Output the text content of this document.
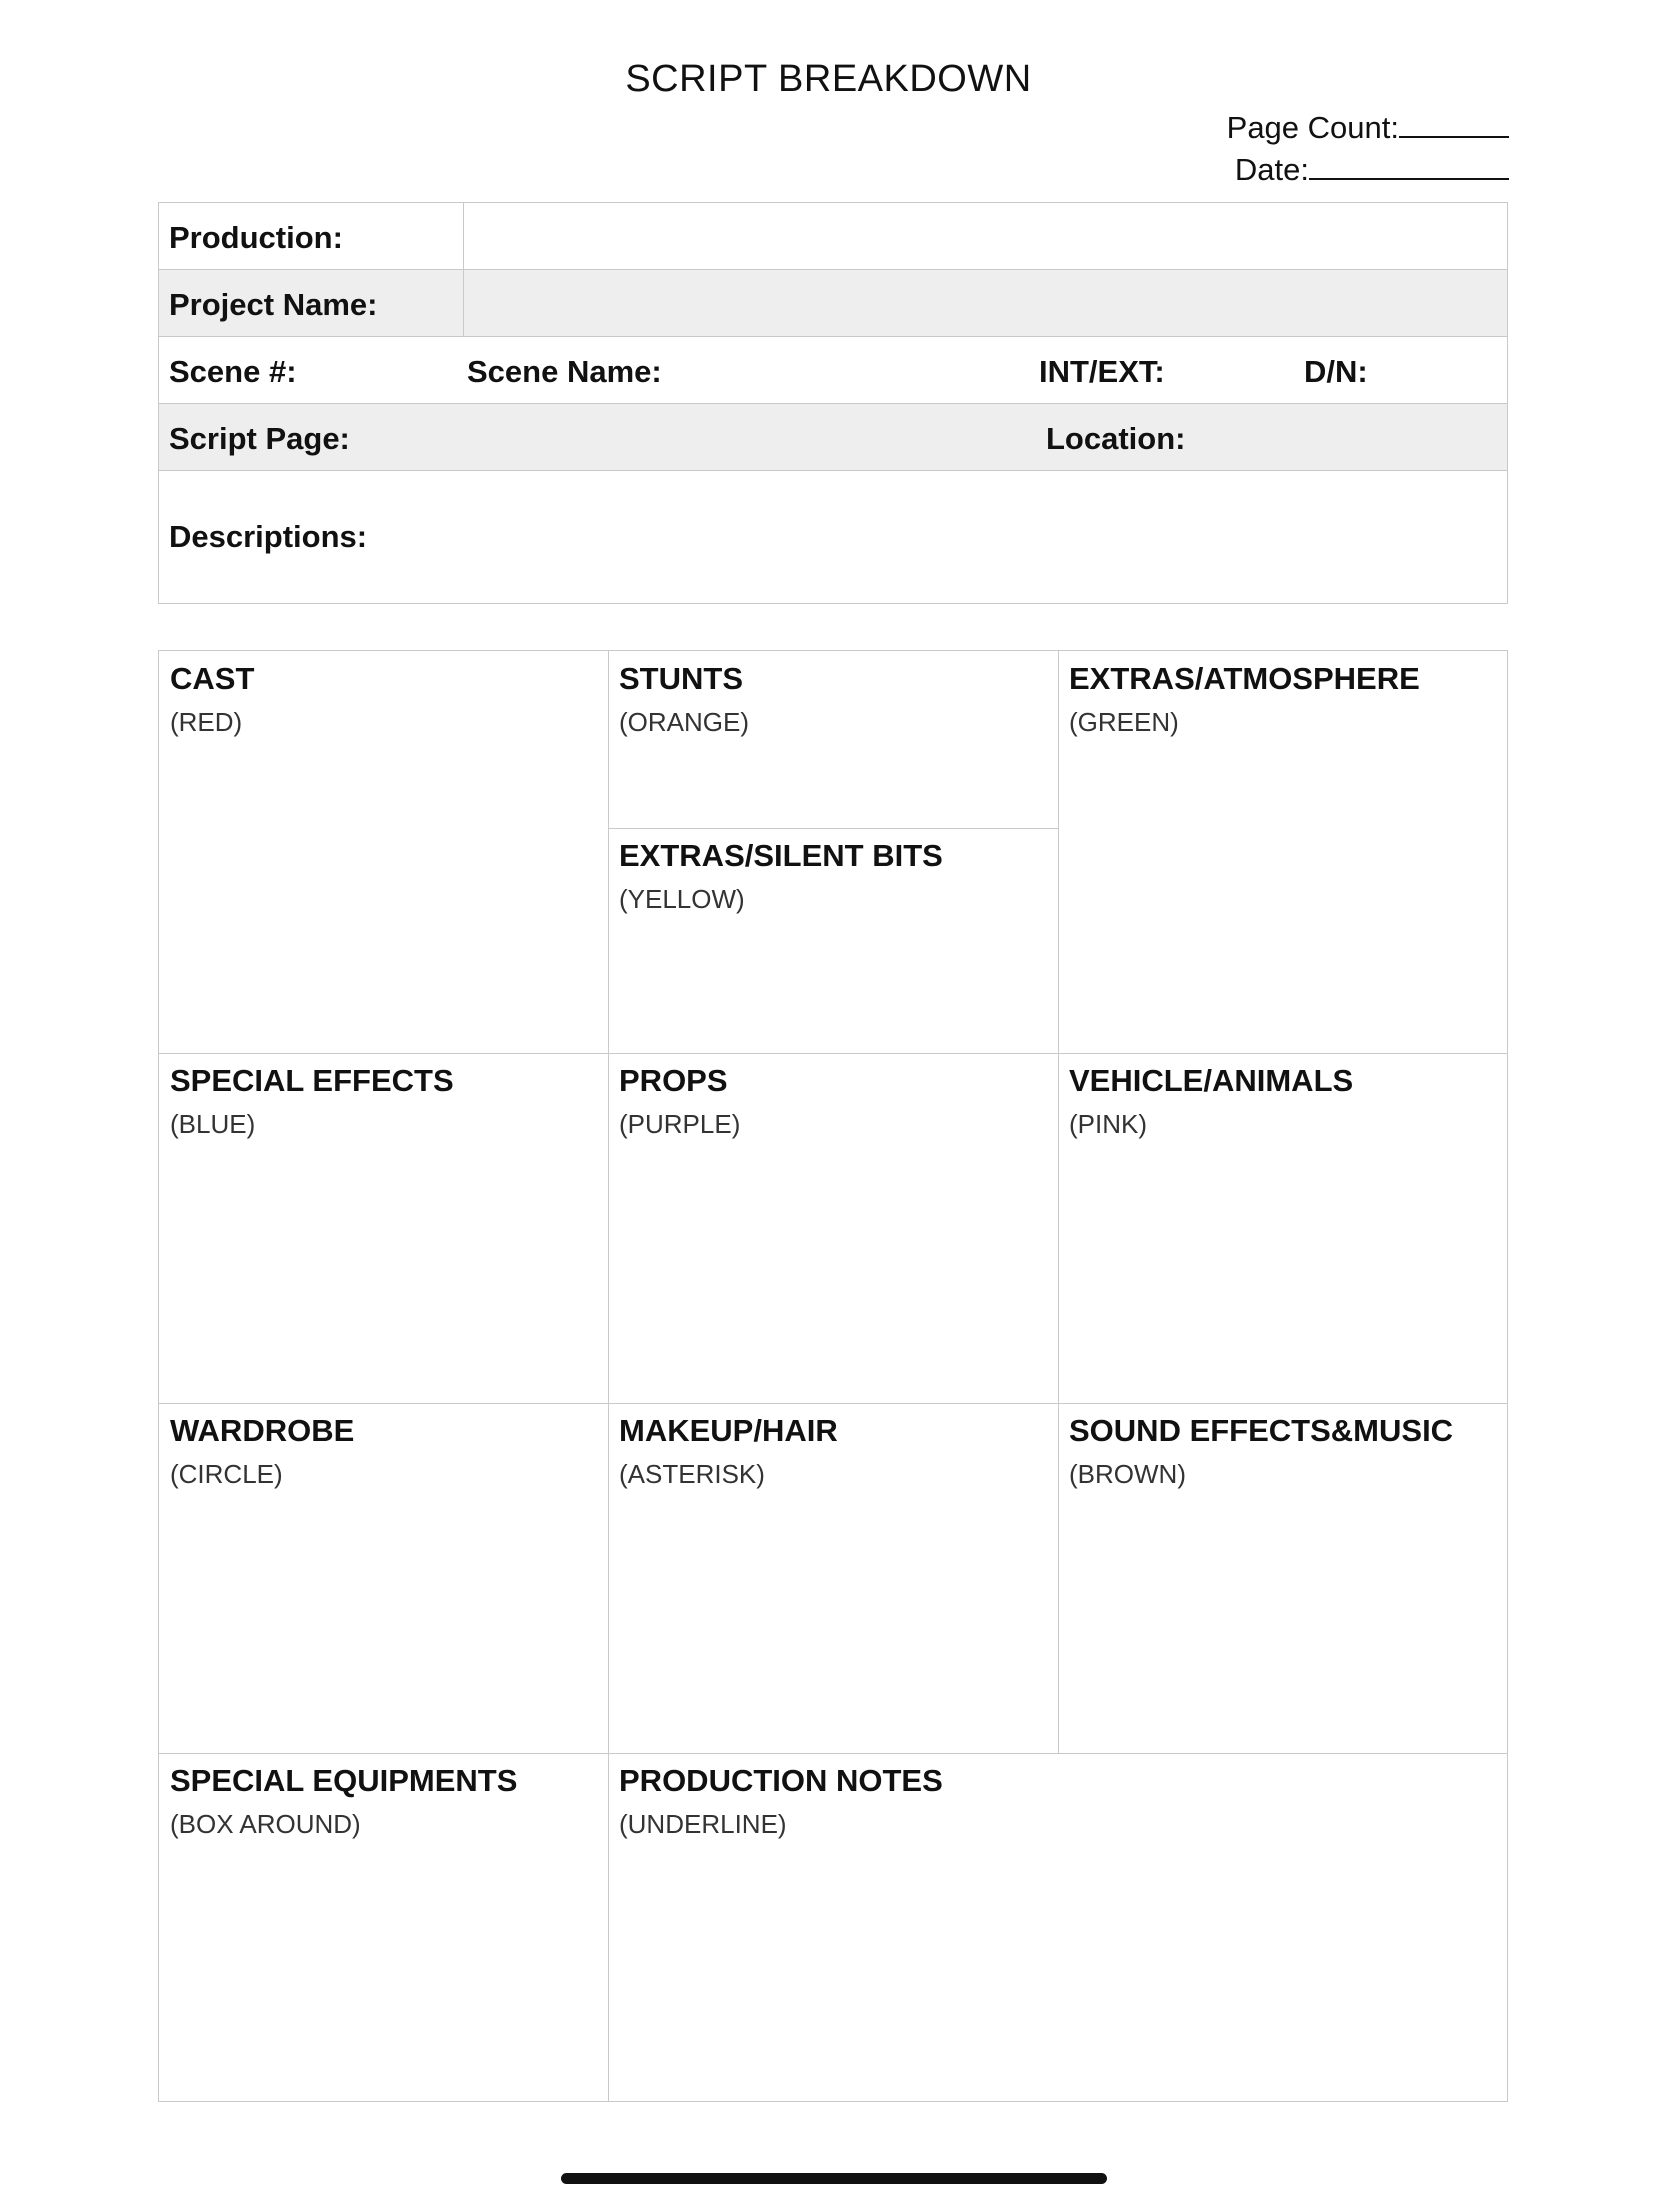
SCRIPT BREAKDOWN
Page Count:
Date:
Production:
Project Name:
Scene #:	Scene Name:	INT/EXT:	D/N:
Script Page:	Location:
Descriptions:
CAST
(RED)
STUNTS
(ORANGE)
EXTRAS/ATMOSPHERE
(GREEN)
EXTRAS/SILENT BITS
(YELLOW)
SPECIAL EFFECTS
(BLUE)
PROPS
(PURPLE)
VEHICLE/ANIMALS
(PINK)
WARDROBE
(CIRCLE)
MAKEUP/HAIR
(ASTERISK)
SOUND EFFECTS&MUSIC
(BROWN)
SPECIAL EQUIPMENTS
(BOX AROUND)
PRODUCTION NOTES
(UNDERLINE)
